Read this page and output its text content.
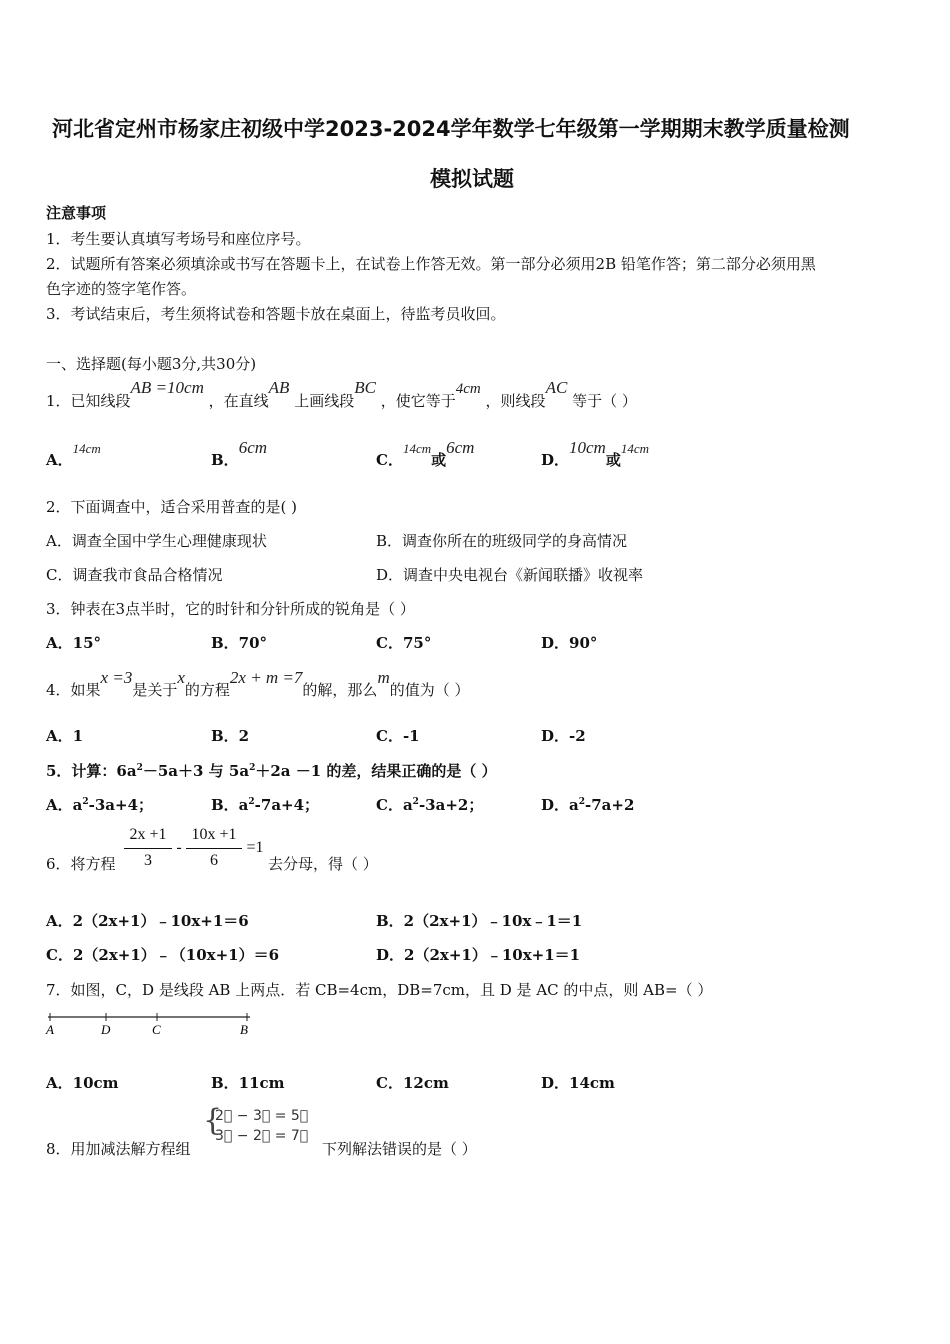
河北省定州市杨家庄初级中学2023-2024学年数学七年级第一学期期末教学质量检测
模拟试题
注意事项
1．考生要认真填写考场号和座位序号。
2．试题所有答案必须填涂或书写在答题卡上，在试卷上作答无效。第一部分必须用2B 铅笔作答；第二部分必须用黑
色字迹的签字笔作答。
3．考试结束后，考生须将试卷和答题卡放在桌面上，待监考员收回。
一、选择题(每小题3分,共30分)
1．已知线段AB =10cm ，在直线AB 上画线段BC ，使它等于4cm ，则线段AC 等于（ ）
A．14cm
B．6cm
C．14cm或6cm
D．10cm或14cm
2．下面调查中，适合采用普查的是( )
A．调查全国中学生心理健康现状	B．调查你所在的班级同学的身高情况
C．调查我市食品合格情况	D．调查中央电视台《新闻联播》收视率
3．钟表在3点半时，它的时针和分针所成的锐角是（ ）
A．15°	B．70°	C．75°	D．90°
4．如果x =3是关于x的方程2x + m =7的解，那么m的值为（ ）
A．1	B．2	C．-1	D．-2
5．计算：$6a^2-5a+3$ 与 $5a^2+2a -1$ 的差，结果正确的是（ ）
A．$a^2-3a+4$；	B．$a^2-7a+4$；	C．$a^2-3a+2$；	D．$a^2-7a+2$
6．将方程
2x +1
3
-
10x +1
6
=1
去分母，得（ ）
A．2（2x+1）﹣10x+1＝6	B．2（2x+1）﹣10x﹣1＝1
C．2（2x+1）﹣（10x+1）＝6	D．2（2x+1）﹣10x+1＝1
7．如图，C，D 是线段 AB 上两点．若 CB=4cm，DB=7cm，且 D 是 AC 的中点，则 AB=（ ）
A	D	C	B
A．10cm	B．11cm	C．12cm	D．14cm
8．用加减法解方程组
{
2⃞ − 3⃞ = 5⃞
3⃞ − 2⃞ = 7⃞
下列解法错误的是（ ）
